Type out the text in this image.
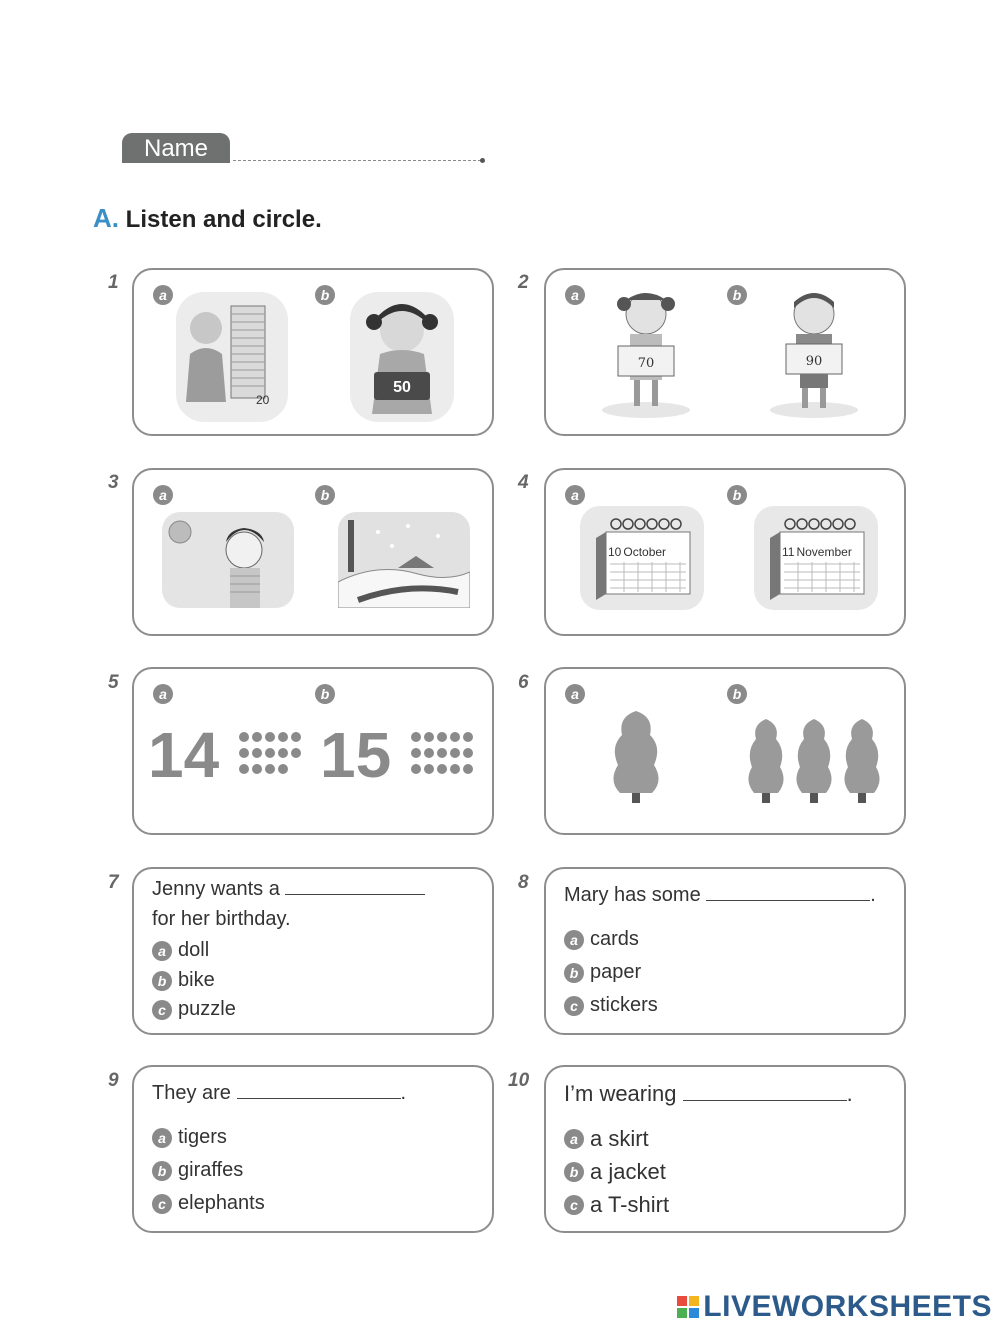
Name
A. Listen and circle.
1
a	b
20
50
2
a	b
70	90
3
a	b
4
a	b
10 October	11 November
5
a	b
14 15
6
a	b
7 Jenny wants a
for her birthday.
a doll
b bike
c puzzle
8
Mary has some	.
a cards
b paper
c stickers
9
They are	.
a tigers
b giraffes
c elephants
10
I’m wearing	.
a a skirt
b a jacket
c a T-shirt
LIVEWORKSHEETS
